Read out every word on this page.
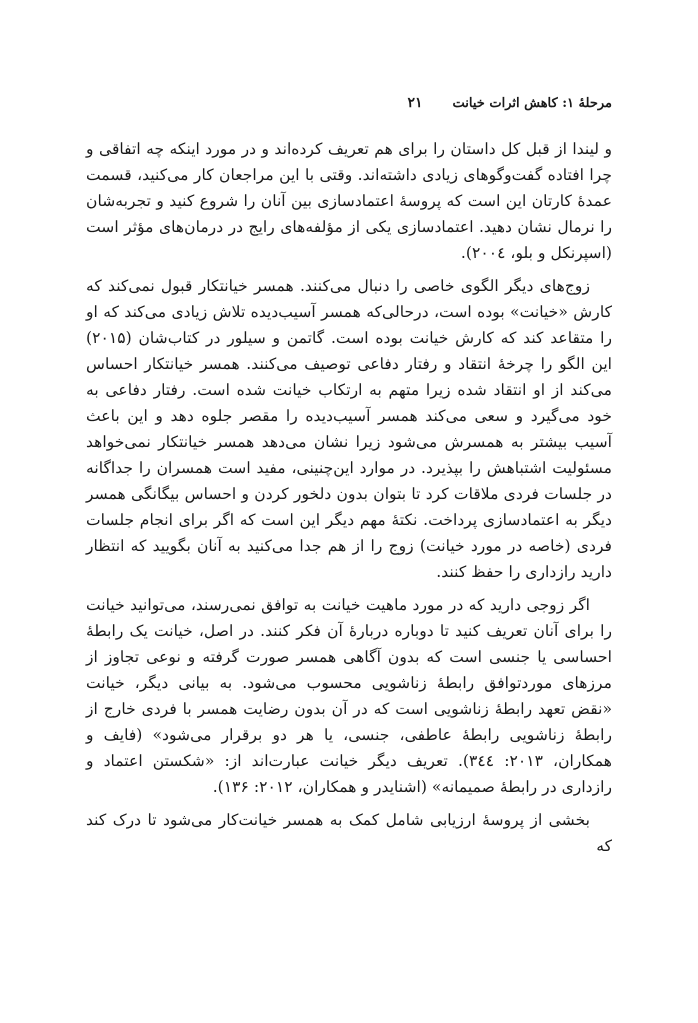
مرحلهٔ ۱: کاهش اثرات خیانت
۲۱

و لیندا از قبل کل داستان را برای هم تعریف کرده‌اند و در مورد اینکه چه اتفاقی و چرا افتاده گفت‌وگوهای زیادی داشته‌اند. وقتی با این مراجعان کار می‌کنید، قسمت عمدهٔ کارتان این است که پروسهٔ اعتمادسازی بین آنان را شروع کنید و تجربه‌شان را نرمال نشان دهید. اعتمادسازی یکی از مؤلفه‌های رایج در درمان‌های مؤثر است (اسپرنکل و بلو، ۲۰۰٤).

زوج‌های دیگر الگوی خاصی را دنبال می‌کنند. همسر خیانتکار قبول نمی‌کند که کارش «خیانت» بوده است، درحالی‌که همسر آسیب‌دیده تلاش زیادی می‌کند که او را متقاعد کند که کارش خیانت بوده است. گاتمن و سیلور در کتاب‌شان (۲۰۱۵) این الگو را چرخهٔ انتقاد و رفتار دفاعی توصیف می‌کنند. همسر خیانتکار احساس می‌کند از او انتقاد شده زیرا متهم به ارتکاب خیانت شده است. رفتار دفاعی به خود می‌گیرد و سعی می‌کند همسر آسیب‌دیده را مقصر جلوه دهد و این باعث آسیب بیشتر به همسرش می‌شود زیرا نشان می‌دهد همسر خیانتکار نمی‌خواهد مسئولیت اشتباهش را بپذیرد. در موارد این‌چنینی، مفید است همسران را جداگانه در جلسات فردی ملاقات کرد تا بتوان بدون دلخور کردن و احساس بیگانگی همسر دیگر به اعتمادسازی پرداخت. نکتهٔ مهم دیگر این است که اگر برای انجام جلسات فردی (خاصه در مورد خیانت) زوج را از هم جدا می‌کنید به آنان بگویید که انتظار دارید رازداری را حفظ کنند.

اگر زوجی دارید که در مورد ماهیت خیانت به توافق نمی‌رسند، می‌توانید خیانت را برای آنان تعریف کنید تا دوباره دربارهٔ آن فکر کنند. در اصل، خیانت یک رابطهٔ احساسی یا جنسی است که بدون آگاهی همسر صورت گرفته و نوعی تجاوز از مرزهای موردتوافق رابطهٔ زناشویی محسوب می‌شود. به بیانی دیگر، خیانت «نقض تعهد رابطهٔ زناشویی است که در آن بدون رضایت همسر با فردی خارج از رابطهٔ زناشویی رابطهٔ عاطفی، جنسی، یا هر دو برقرار می‌شود» (فایف و همکاران، ۲۰۱۳: ۳٤٤). تعریف دیگر خیانت عبارت‌اند از: «شکستن اعتماد و رازداری در رابطهٔ صمیمانه» (اشنایدر و همکاران، ۲۰۱۲: ۱۳۶).

بخشی از پروسهٔ ارزیابی شامل کمک به همسر خیانت‌کار می‌شود تا درک کند که
